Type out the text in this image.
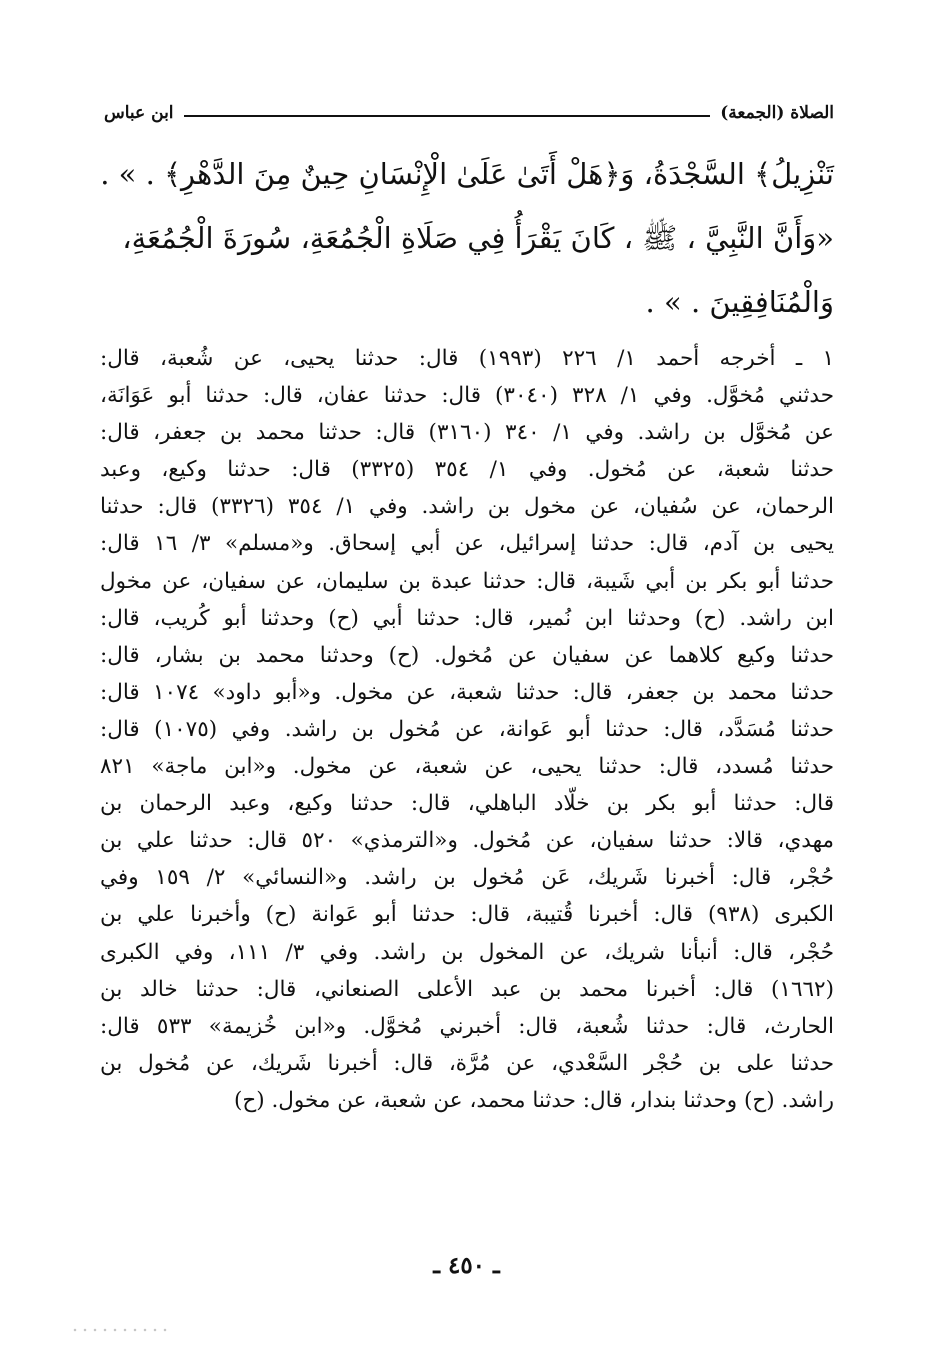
الصلاة (الجمعة)
ابن عباس
تَنْزِيلُ﴾ السَّجْدَةُ، وَ﴿هَلْ أَتَىٰ عَلَىٰ الْإِنْسَانِ حِينٌ مِنَ الدَّهْرِ﴾ . » .
«وَأَنَّ النَّبِيَّ ، ﷺ ، كَانَ يَقْرَأُ فِي صَلَاةِ الْجُمُعَةِ، سُورَةَ الْجُمُعَةِ،
وَالْمُنَافِقِينَ . » .
١ ـ أخرجه أحمد ١/ ٢٢٦ (١٩٩٣) قال: حدثنا يحيى، عن شُعبة، قال:
حدثني مُخوَّل. وفي ١/ ٣٢٨ (٣٠٤٠) قال: حدثنا عفان، قال: حدثنا أبو عَوَانَة،
عن مُخوَّل بن راشد. وفي ١/ ٣٤٠ (٣١٦٠) قال: حدثنا محمد بن جعفر، قال:
حدثنا شعبة، عن مُخول. وفي ١/ ٣٥٤ (٣٣٢٥) قال: حدثنا وكيع، وعبد
الرحمان، عن سُفيان، عن مخول بن راشد. وفي ١/ ٣٥٤ (٣٣٢٦) قال: حدثنا
يحيى بن آدم، قال: حدثنا إسرائيل، عن أبي إسحاق. و«مسلم» ٣/ ١٦ قال:
حدثنا أبو بكر بن أبي شَيبة، قال: حدثنا عبدة بن سليمان، عن سفيان، عن مخول
ابن راشد. (ح) وحدثنا ابن نُمير، قال: حدثنا أبي (ح) وحدثنا أبو كُريب، قال:
حدثنا وكيع كلاهما عن سفيان عن مُخول. (ح) وحدثنا محمد بن بشار، قال:
حدثنا محمد بن جعفر، قال: حدثنا شعبة، عن مخول. و«أبو داود» ١٠٧٤ قال:
حدثنا مُسَدَّد، قال: حدثنا أبو عَوانة، عن مُخول بن راشد. وفي (١٠٧٥) قال:
حدثنا مُسدد، قال: حدثنا يحيى، عن شعبة، عن مخول. و«ابن ماجة» ٨٢١
قال: حدثنا أبو بكر بن خلّاد الباهلي، قال: حدثنا وكيع، وعبد الرحمان بن
مهدي، قالا: حدثنا سفيان، عن مُخول. و«الترمذي» ٥٢٠ قال: حدثنا علي بن
حُجْر، قال: أخبرنا شَريك، عَن مُخول بن راشد. و«النسائي» ٢/ ١٥٩ وفي
الكبرى (٩٣٨) قال: أخبرنا قُتيبة، قال: حدثنا أبو عَوانة (ح) وأخبرنا علي بن
حُجْر، قال: أنبأنا شريك، عن المخول بن راشد. وفي ٣/ ١١١، وفي الكبرى
(١٦٦٢) قال: أخبرنا محمد بن عبد الأعلى الصنعاني، قال: حدثنا خالد بن
الحارث، قال: حدثنا شُعبة، قال: أخبرني مُخوَّل. و«ابن خُزيمة» ٥٣٣ قال:
حدثنا على بن حُجْر السَّعْدي، عن مُرَّة، قال: أخبرنا شَريك، عن مُخول بن
راشد. (ح) وحدثنا بندار، قال: حدثنا محمد، عن شعبة، عن مخول. (ح)
ـ ٤٥٠ ـ
